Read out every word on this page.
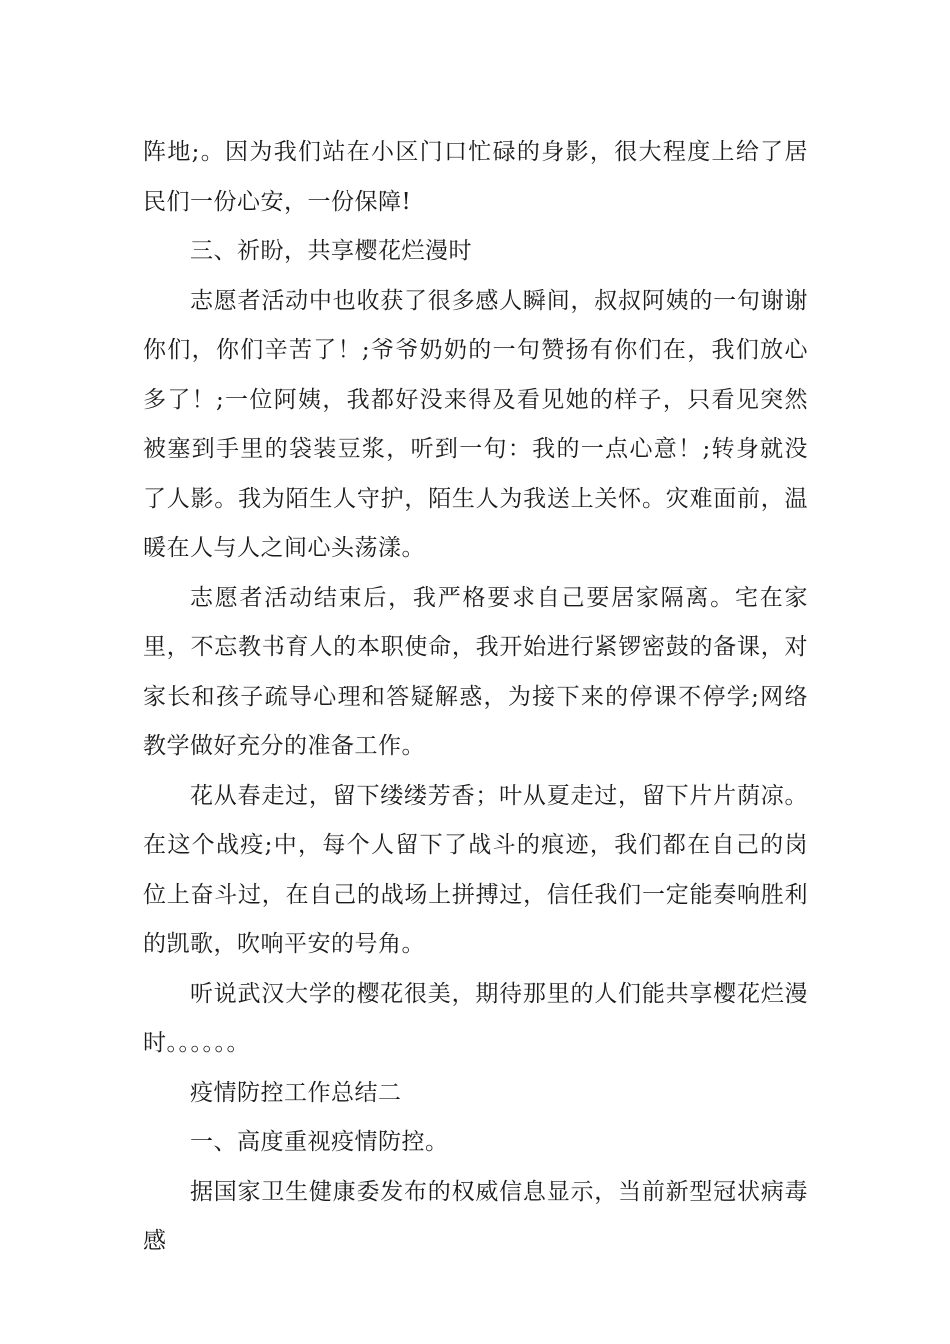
阵地;。因为我们站在小区门口忙碌的身影，很大程度上给了居民们一份心安，一份保障!

三、祈盼，共享樱花烂漫时

志愿者活动中也收获了很多感人瞬间，叔叔阿姨的一句谢谢你们，你们辛苦了！;爷爷奶奶的一句赞扬有你们在，我们放心多了！;一位阿姨，我都好没来得及看见她的样子，只看见突然被塞到手里的袋装豆浆，听到一句：我的一点心意！;转身就没了人影。我为陌生人守护，陌生人为我送上关怀。灾难面前，温暖在人与人之间心头荡漾。

志愿者活动结束后，我严格要求自己要居家隔离。宅在家里，不忘教书育人的本职使命，我开始进行紧锣密鼓的备课，对家长和孩子疏导心理和答疑解惑，为接下来的停课不停学;网络教学做好充分的准备工作。

花从春走过，留下缕缕芳香；叶从夏走过，留下片片荫凉。在这个战疫;中，每个人留下了战斗的痕迹，我们都在自己的岗位上奋斗过，在自己的战场上拼搏过，信任我们一定能奏响胜利的凯歌，吹响平安的号角。

听说武汉大学的樱花很美，期待那里的人们能共享樱花烂漫时。。。。。。

疫情防控工作总结二

一、高度重视疫情防控。

据国家卫生健康委发布的权威信息显示，当前新型冠状病毒感
